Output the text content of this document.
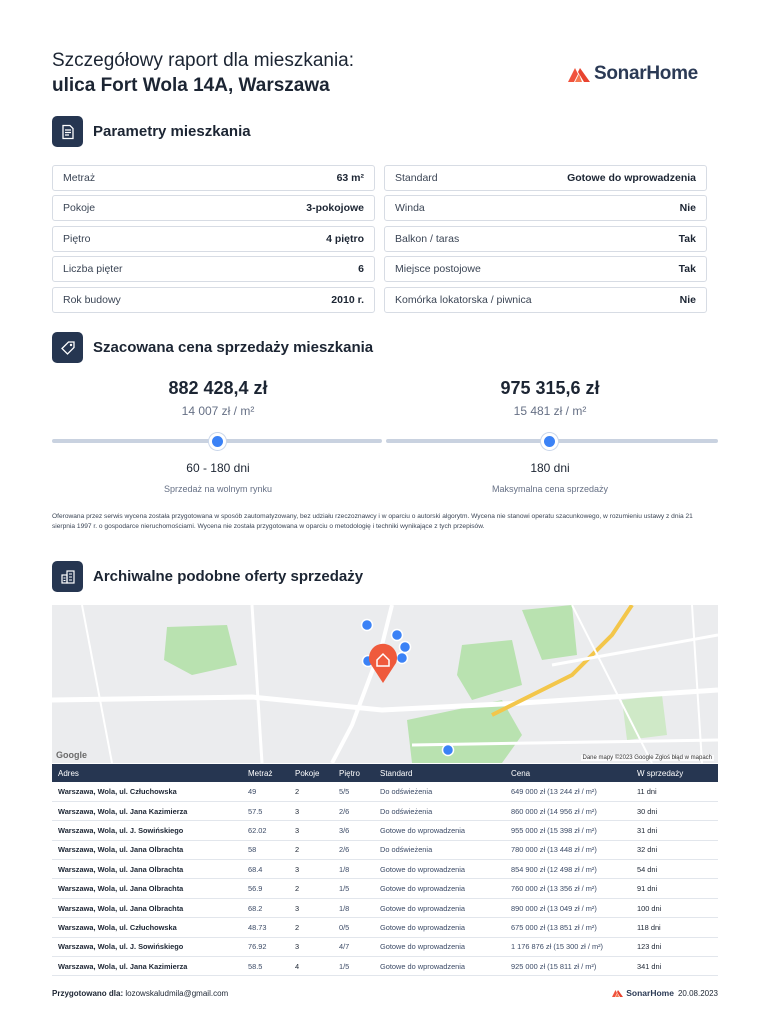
Szczegółowy raport dla mieszkania:
ulica Fort Wola 14A, Warszawa
SonarHome
Parametry mieszkania
Metraż	63 m²
Pokoje	3-pokojowe
Piętro	4 piętro
Liczba pięter	6
Rok budowy	2010 r.
Standard	Gotowe do wprowadzenia
Winda	Nie
Balkon / taras	Tak
Miejsce postojowe	Tak
Komórka lokatorska / piwnica	Nie
Szacowana cena sprzedaży mieszkania
882 428,4 zł
14 007 zł / m²
975 315,6 zł
15 481 zł / m²
60 - 180 dni
Sprzedaż na wolnym rynku
180 dni
Maksymalna cena sprzedaży
Oferowana przez serwis wycena została przygotowana w sposób zautomatyzowany, bez udziału rzeczoznawcy i w oparciu o autorski algorytm. Wycena nie stanowi operatu szacunkowego, w rozumieniu ustawy z dnia 21 sierpnia 1997 r. o gospodarce nieruchomościami. Wycena nie została przygotowana w oparciu o metodologię i techniki wynikające z tych przepisów.
Archiwalne podobne oferty sprzedaży
Google	Dane mapy ©2023 Google Zgłoś błąd w mapach
Adres	Metraż	Pokoje	Piętro	Standard	Cena	W sprzedaży
Warszawa, Wola, ul. Człuchowska	49	2	5/5	Do odświeżenia	649 000 zł (13 244 zł / m²)	11 dni
Warszawa, Wola, ul. Jana Kazimierza	57.5	3	2/6	Do odświeżenia	860 000 zł (14 956 zł / m²)	30 dni
Warszawa, Wola, ul. J. Sowińskiego	62.02	3	3/6	Gotowe do wprowadzenia	955 000 zł (15 398 zł / m²)	31 dni
Warszawa, Wola, ul. Jana Olbrachta	58	2	2/6	Do odświeżenia	780 000 zł (13 448 zł / m²)	32 dni
Warszawa, Wola, ul. Jana Olbrachta	68.4	3	1/8	Gotowe do wprowadzenia	854 900 zł (12 498 zł / m²)	54 dni
Warszawa, Wola, ul. Jana Olbrachta	56.9	2	1/5	Gotowe do wprowadzenia	760 000 zł (13 356 zł / m²)	91 dni
Warszawa, Wola, ul. Jana Olbrachta	68.2	3	1/8	Gotowe do wprowadzenia	890 000 zł (13 049 zł / m²)	100 dni
Warszawa, Wola, ul. Człuchowska	48.73	2	0/5	Gotowe do wprowadzenia	675 000 zł (13 851 zł / m²)	118 dni
Warszawa, Wola, ul. J. Sowińskiego	76.92	3	4/7	Gotowe do wprowadzenia	1 176 876 zł (15 300 zł / m²)	123 dni
Warszawa, Wola, ul. Jana Kazimierza	58.5	4	1/5	Gotowe do wprowadzenia	925 000 zł (15 811 zł / m²)	341 dni
Przygotowano dla: lozowskaludmila@gmail.com	SonarHome 20.08.2023
